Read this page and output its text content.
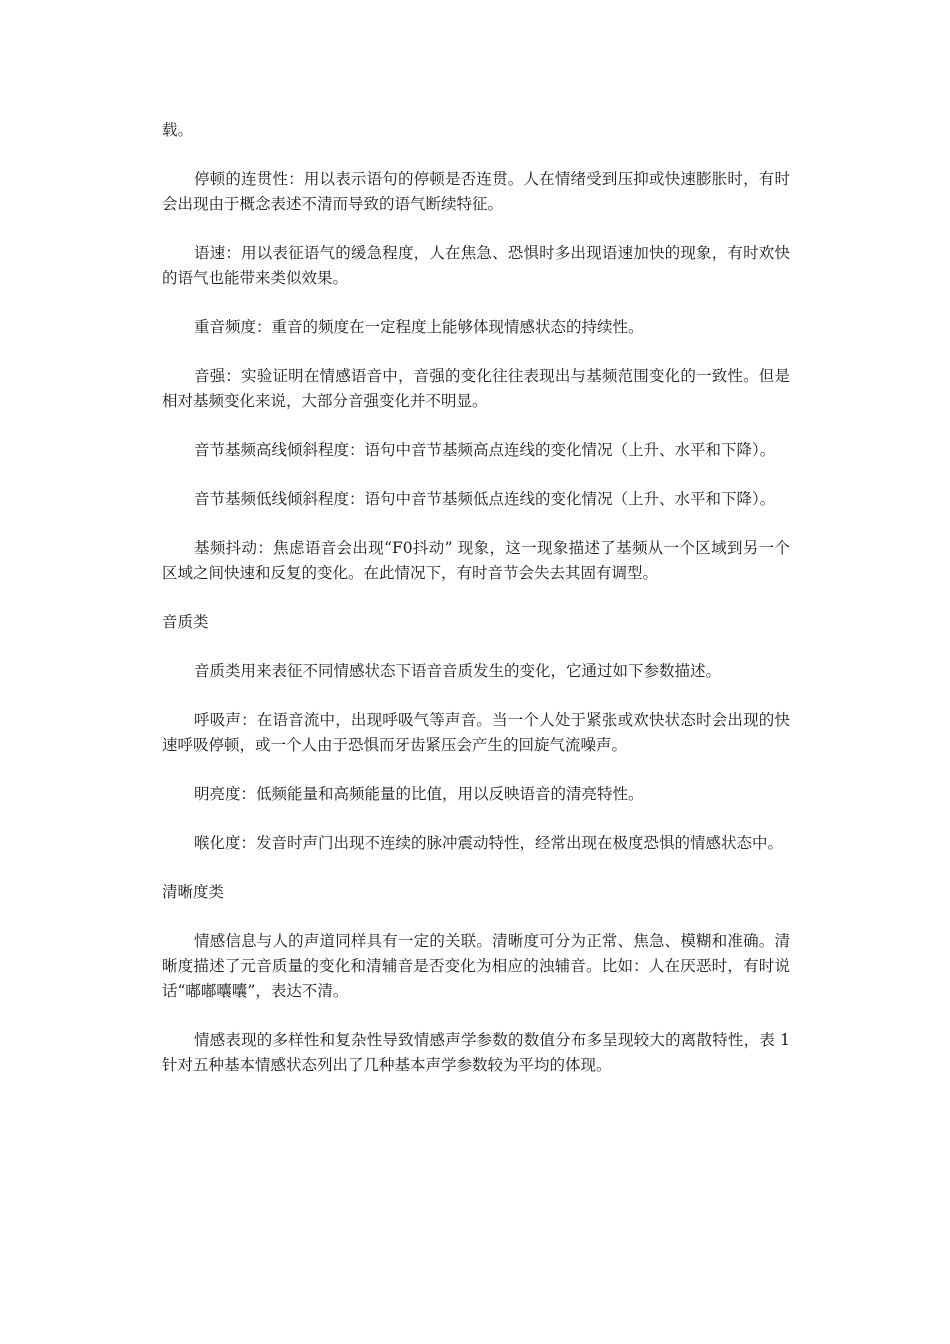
载。

停顿的连贯性：用以表示语句的停顿是否连贯。人在情绪受到压抑或快速膨胀时，有时会出现由于概念表述不清而导致的语气断续特征。

语速：用以表征语气的缓急程度，人在焦急、恐惧时多出现语速加快的现象，有时欢快的语气也能带来类似效果。

重音频度：重音的频度在一定程度上能够体现情感状态的持续性。

音强：实验证明在情感语音中，音强的变化往往表现出与基频范围变化的一致性。但是相对基频变化来说，大部分音强变化并不明显。

音节基频高线倾斜程度：语句中音节基频高点连线的变化情况（上升、水平和下降）。

音节基频低线倾斜程度：语句中音节基频低点连线的变化情况（上升、水平和下降）。

基频抖动：焦虑语音会出现“F0抖动” 现象，这一现象描述了基频从一个区域到另一个区域之间快速和反复的变化。在此情况下，有时音节会失去其固有调型。

音质类

音质类用来表征不同情感状态下语音音质发生的变化，它通过如下参数描述。

呼吸声：在语音流中，出现呼吸气等声音。当一个人处于紧张或欢快状态时会出现的快速呼吸停顿，或一个人由于恐惧而牙齿紧压会产生的回旋气流噪声。

明亮度：低频能量和高频能量的比值，用以反映语音的清亮特性。

喉化度：发音时声门出现不连续的脉冲震动特性，经常出现在极度恐惧的情感状态中。

清晰度类

情感信息与人的声道同样具有一定的关联。清晰度可分为正常、焦急、模糊和准确。清晰度描述了元音质量的变化和清辅音是否变化为相应的浊辅音。比如：人在厌恶时，有时说话“嘟嘟囔囔”，表达不清。

情感表现的多样性和复杂性导致情感声学参数的数值分布多呈现较大的离散特性，表 1 针对五种基本情感状态列出了几种基本声学参数较为平均的体现。
